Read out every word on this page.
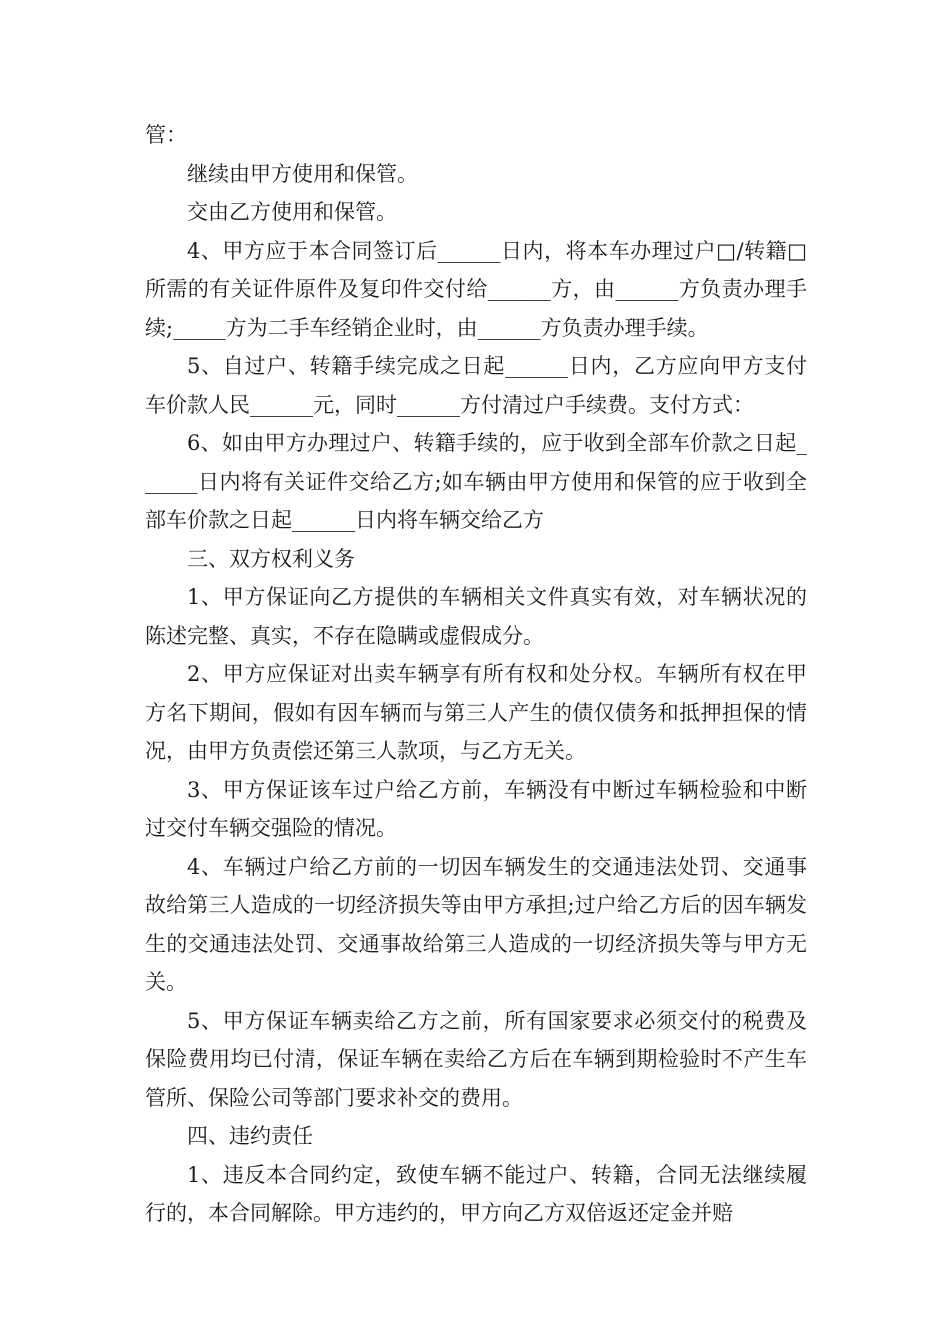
管：

继续由甲方使用和保管。

交由乙方使用和保管。

4、甲方应于本合同签订后______日内，将本车办理过户□/转籍□所需的有关证件原件及复印件交付给______方，由______方负责办理手续;_____方为二手车经销企业时，由______方负责办理手续。

5、自过户、转籍手续完成之日起______日内，乙方应向甲方支付车价款人民______元，同时______方付清过户手续费。支付方式：

6、如由甲方办理过户、转籍手续的，应于收到全部车价款之日起______日内将有关证件交给乙方;如车辆由甲方使用和保管的应于收到全部车价款之日起______日内将车辆交给乙方

三、双方权利义务

1、甲方保证向乙方提供的车辆相关文件真实有效，对车辆状况的陈述完整、真实，不存在隐瞒或虚假成分。

2、甲方应保证对出卖车辆享有所有权和处分权。车辆所有权在甲方名下期间，假如有因车辆而与第三人产生的债仅债务和抵押担保的情况，由甲方负责偿还第三人款项，与乙方无关。

3、甲方保证该车过户给乙方前，车辆没有中断过车辆检验和中断过交付车辆交强险的情况。

4、车辆过户给乙方前的一切因车辆发生的交通违法处罚、交通事故给第三人造成的一切经济损失等由甲方承担;过户给乙方后的因车辆发生的交通违法处罚、交通事故给第三人造成的一切经济损失等与甲方无关。

5、甲方保证车辆卖给乙方之前，所有国家要求必须交付的税费及保险费用均已付清，保证车辆在卖给乙方后在车辆到期检验时不产生车管所、保险公司等部门要求补交的费用。

四、违约责任

1、违反本合同约定，致使车辆不能过户、转籍，合同无法继续履行的，本合同解除。甲方违约的，甲方向乙方双倍返还定金并赔
